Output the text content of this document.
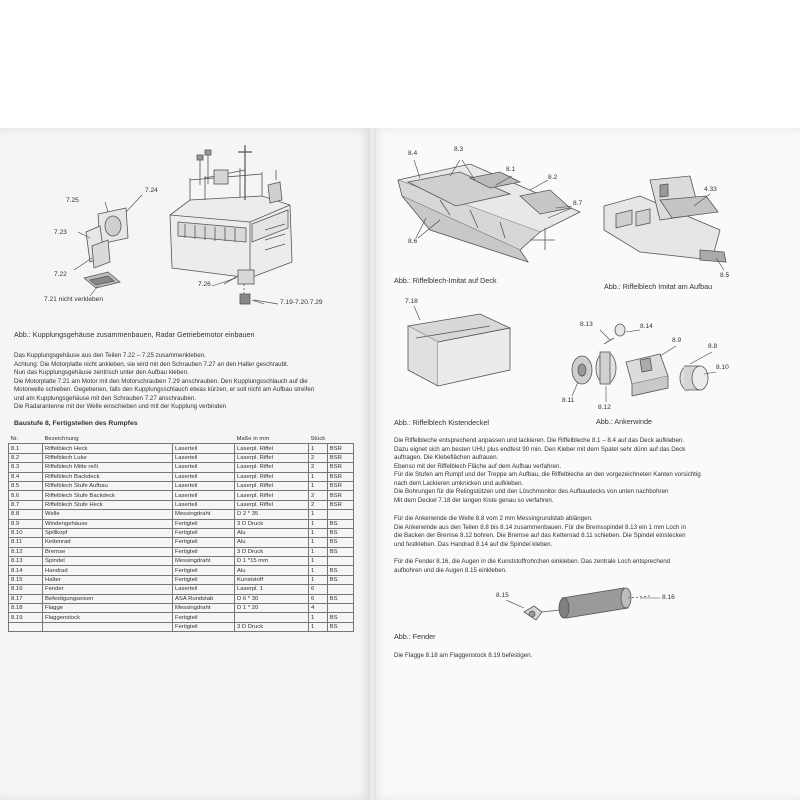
7.24
7.25
7.23
7.22
7.21 nicht verkleben
7.26
7.19-7.20.7.29
Abb.: Kupplungsgehäuse zusammenbauen, Radar Getriebemotor einbauen

Das Kupplungsgehäuse aus den Teilen 7.22 – 7.25 zusammenkleben.

Achtung: Die Motorplatte nicht ankleben, sie wird mit den Schrauben 7.27 an den Halter geschraubt.

Nun das Kupplungsgehäuse zentrisch unter den Aufbau kleben.

Die Motorplatte 7.21 am Motor mit den Motorschrauben 7.29 anschrauben. Den Kupplungsschlauch auf die

Motorwelle schieben. Gegebenen, falls den Kupplungsschlauch etwas kürzen, er soll nicht am Aufbau streifen

und am Kupplungsgehäuse mit den Schrauben 7.27 anschrauben.

Die Radarantenne mit der Welle einschieben und mit der Kupplung verbinden

Baustufe 8, Fertigstellen des Rumpfes
Nr.	Bezeichnung		Maße in mm	Stück	
8.1	Riffelblech Heck	Laserteil	Laserpl. Riffel	1	BSR
8.2	Riffelblech Luke	Laserteil	Laserpl. Riffel	2	BSR
8.3	Riffelblech Mitte re/li	Laserteil	Laserpl. Riffel	2	BSR
8.4	Riffelblech Backdeck	Laserteil	Laserpl. Riffel	1	BSR
8.5	Riffelblech Stufe Aufbau	Laserteil	Laserpl. Riffel	1	BSR
8.6	Riffelblech Stufe Backdeck	Laserteil	Laserpl. Riffel	2	BSR
8.7	Riffelblech Stufe Heck	Laserteil	Laserpl. Riffel	2	BSR
8.8	Welle	Messingdraht	D 2 * 35	1	
8.9	Windengehäuse	Fertigteil	3 D Druck	1	BS
8.10	Spillkopf	Fertigteil	Alu	1	BS
8.11	Kettenrad	Fertigteil	Alu	1	BS
8.12	Bremse	Fertigteil	3 D Druck	1	BS
8.13	Spindel	Messingdraht	D 1 *15 mm	1	
8.14	Handrad	Fertigteil	Alu	1	BS
8.15	Halter	Fertigteil	Kunststoff	1	BS
8.16	Fender	Laserteil	Laserpl. 1	6	
8.17	Befestigungseisen	ASA Rundstab	D 6 * 30	6	BS
8.18	Flagge	Messingdraht	D 1 * 20	4	
8.19	Flaggenstock	Fertigteil		1	BS
		Fertigteil	3 D Druck	1	BS
8.4
8.3
8.1
8.2
8.7
8.6
Abb.: Riffelblech-Imitat auf Deck
4.33
8.5
Abb.: Riffelblech Imitat am Aufbau
7.18
Abb.: Riffelblech Kistendeckel
8.13	8.14
8.9
8.8
8.10
8.11
8.12
Abb.: Ankerwinde

Die Riffelbleche entsprechend anpassen und lackieren. Die Riffelbleche 8.1 – 8.4 auf das Deck aufkleben.

Dazu eignet sich am besten UHU plus endfest 90 min. Den Kleber mit dem Spatel sehr dünn auf das Deck

auftragen. Die Klebeflächen aufrauen.

Ebenso mit der Riffelblech Fläche auf dem Aufbau verfahren.

Für die Stufen am Rumpf und der Treppe am Aufbau, die Riffelbleche an den vorgezeichneten Kanten vorsichtig

nach dem Lackieren umknicken und aufkleben.

Die Bohrungen für die Relingstützen und den Löschmonitor des Aufbaudecks von unten nachbohren

Mit dem Deckel 7.18 der langen Kiste genau so verfahren.

Für die Ankerwinde die Welle 8.8 vom 2 mm Messingrundstab ablängen.

Die Ankerwinde aus den Teilen 8.8 bis 8.14 zusammenbauen. Für die Bremsspindel 8.13 ein 1 mm Loch in

die Backen der Bremse 8.12 bohren. Die Bremse auf das Kettenrad 8.11 schieben. Die Spindel einstecken

und festkleben. Das Handrad 8.14 auf die Spindel kleben.

Für die Fender 8.16, die Augen in die Kunststoffrohrchen einkleben. Das zentrale Loch entsprechend

aufbohren und die Augen 8.15 einkleben.

8.15	8.16
Abb.: Fender
Die Flagge 8.18 am Flaggenstock 8.19 befestigen.
